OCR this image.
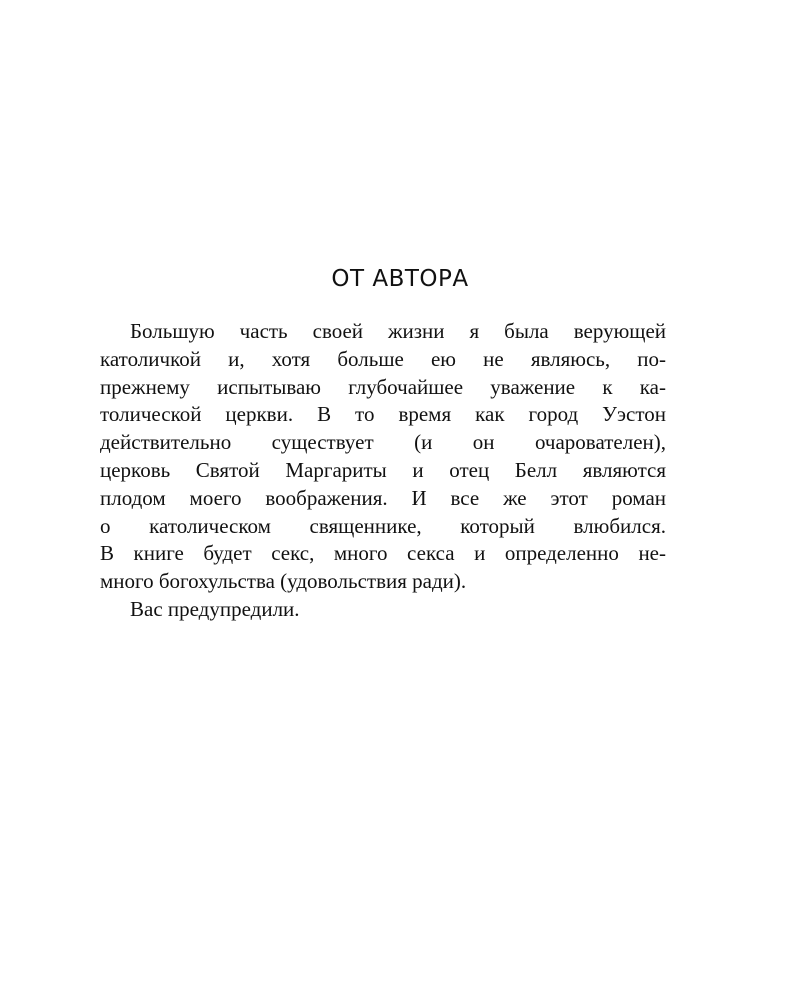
ОТ АВТОРА
Большую часть своей жизни я была верующей
католичкой и, хотя больше ею не являюсь, по-
прежнему испытываю глубочайшее уважение к ка-
толической церкви. В то время как город Уэстон
действительно существует (и он очарователен),
церковь Святой Маргариты и отец Белл являются
плодом моего воображения. И все же этот роман
о католическом священнике, который влюбился.
В книге будет секс, много секса и определенно не-
много богохульства (удовольствия ради).
Вас предупредили.
